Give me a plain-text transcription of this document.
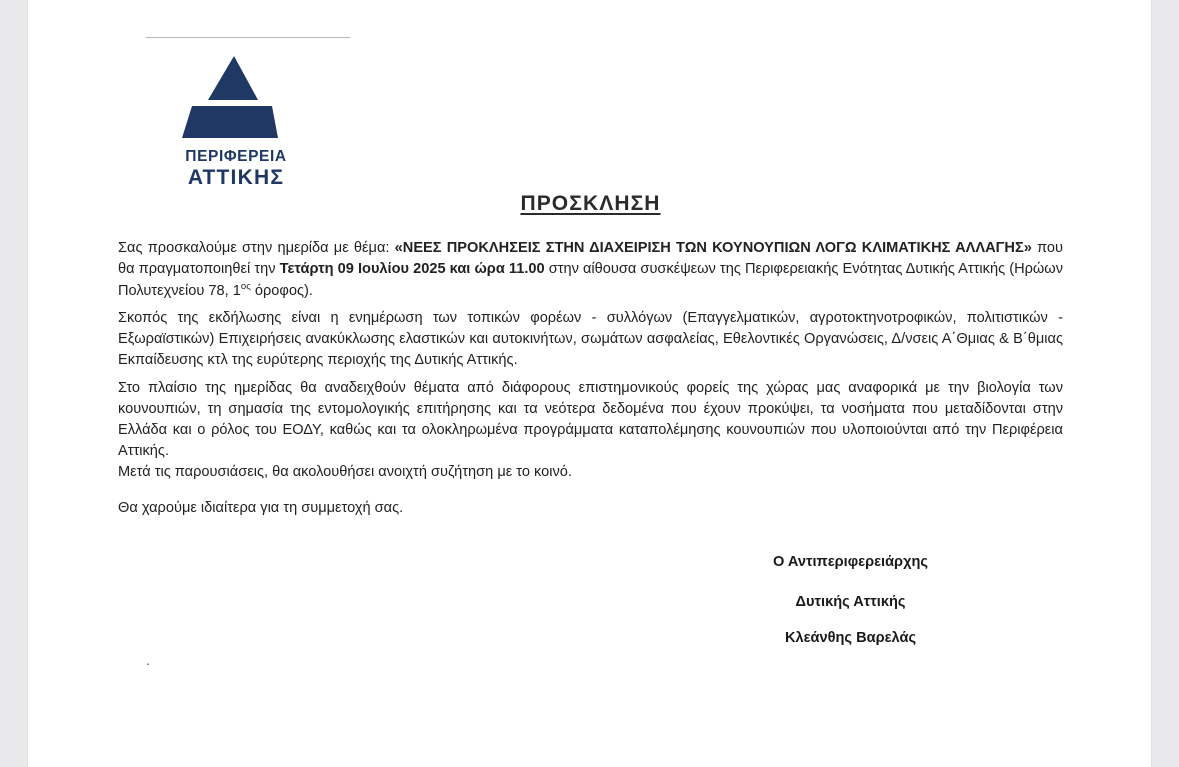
ΠΕΡΙΦΕΡΕΙΑ
ΑΤΤΙΚΗΣ
ΠΡΟΣΚΛΗΣΗ
Σας προσκαλούμε στην ημερίδα με θέμα: «ΝΕΕΣ ΠΡΟΚΛΗΣΕΙΣ ΣΤΗΝ ΔΙΑΧΕΙΡΙΣΗ ΤΩΝ ΚΟΥΝΟΥΠΙΩΝ ΛΟΓΩ ΚΛΙΜΑΤΙΚΗΣ ΑΛΛΑΓΗΣ» που θα πραγματοποιηθεί την Τετάρτη 09 Ιουλίου 2025 και ώρα 11.00 στην αίθουσα συσκέψεων της Περιφερειακής Ενότητας Δυτικής Αττικής (Ηρώων Πολυτεχνείου 78, $1^{o\varsigma}$ όροφος).
Σκοπός της εκδήλωσης είναι η ενημέρωση των τοπικών φορέων - συλλόγων (Επαγγελματικών, αγροτοκτηνοτροφικών, πολιτιστικών - Εξωραϊστικών) Επιχειρήσεις ανακύκλωσης ελαστικών και αυτοκινήτων, σωμάτων ασφαλείας, Εθελοντικές Οργανώσεις, Δ/νσεις Α΄Θμιας & Β΄θμιας Εκπαίδευσης κτλ της ευρύτερης περιοχής της Δυτικής Αττικής.
Στο πλαίσιο της ημερίδας θα αναδειχθούν θέματα από διάφορους επιστημονικούς φορείς της χώρας μας αναφορικά με την βιολογία των κουνουπιών, τη σημασία της εντομολογικής επιτήρησης και τα νεότερα δεδομένα που έχουν προκύψει, τα νοσήματα που μεταδίδονται στην Ελλάδα και ο ρόλος του ΕΟΔΥ, καθώς και τα ολοκληρωμένα προγράμματα καταπολέμησης κουνουπιών που υλοποιούνται από την Περιφέρεια Αττικής.
Μετά τις παρουσιάσεις, θα ακολουθήσει ανοιχτή συζήτηση με το κοινό.
Θα χαρούμε ιδιαίτερα για τη συμμετοχή σας.
Ο Αντιπεριφερειάρχης
Δυτικής Αττικής
Κλεάνθης Βαρελάς
.
